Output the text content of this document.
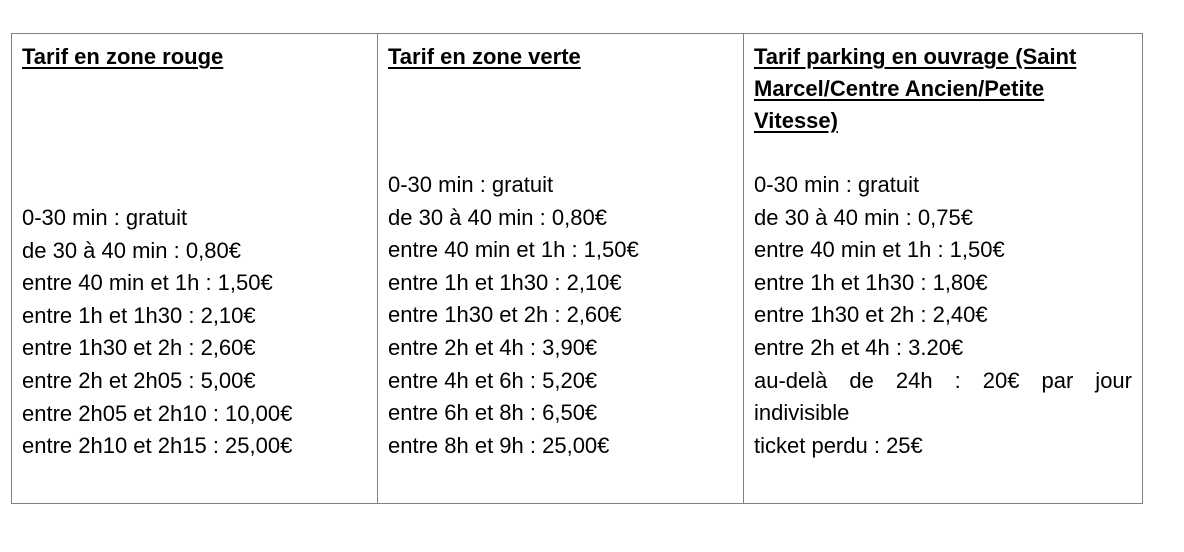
Tarif en zone rouge
0-30 min : gratuit
de 30 à 40 min : 0,80€
entre 40 min et 1h : 1,50€
entre 1h et 1h30 : 2,10€
entre 1h30 et 2h : 2,60€
entre 2h et 2h05 : 5,00€
entre 2h05 et 2h10 : 10,00€
entre 2h10 et 2h15 : 25,00€
Tarif en zone verte
0-30 min : gratuit
de 30 à 40 min : 0,80€
entre 40 min et 1h : 1,50€
entre 1h et 1h30 : 2,10€
entre 1h30 et 2h : 2,60€
entre 2h et 4h : 3,90€
entre 4h et 6h : 5,20€
entre 6h et 8h : 6,50€
entre 8h et 9h : 25,00€
Tarif parking en ouvrage (Saint Marcel/Centre Ancien/Petite Vitesse)
0-30 min : gratuit
de 30 à 40 min : 0,75€
entre 40 min et 1h : 1,50€
entre 1h et 1h30 : 1,80€
entre 1h30 et 2h : 2,40€
entre 2h et 4h : 3.20€
au-delà de 24h : 20€ par jour indivisible
ticket perdu : 25€
